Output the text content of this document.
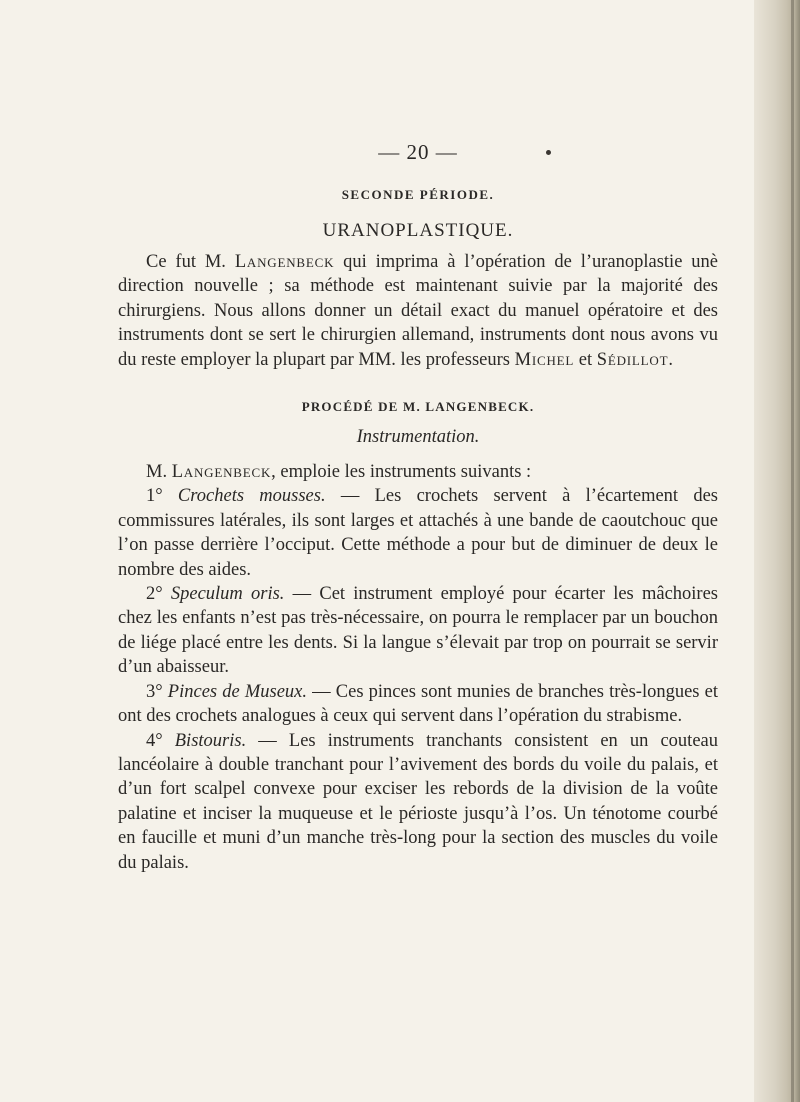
— 20 —
SECONDE PÉRIODE.
URANOPLASTIQUE.

Ce fut M. Langenbeck qui imprima à l’opération de l’uranoplastie unè direction nouvelle ; sa méthode est maintenant suivie par la majorité des chirurgiens. Nous allons donner un détail exact du manuel opératoire et des instruments dont se sert le chirurgien allemand, instruments dont nous avons vu du reste employer la plupart par MM. les professeurs Michel et Sédillot.

PROCÉDÉ DE M. LANGENBECK.
Instrumentation.

M. Langenbeck, emploie les instruments suivants :

1° Crochets mousses. — Les crochets servent à l’écartement des commissures latérales, ils sont larges et attachés à une bande de caoutchouc que l’on passe derrière l’occiput. Cette méthode a pour but de diminuer de deux le nombre des aides.

2° Speculum oris. — Cet instrument employé pour écarter les mâchoires chez les enfants n’est pas très-nécessaire, on pourra le remplacer par un bouchon de liége placé entre les dents. Si la langue s’élevait par trop on pourrait se servir d’un abaisseur.

3° Pinces de Museux. — Ces pinces sont munies de branches très-longues et ont des crochets analogues à ceux qui servent dans l’opération du strabisme.

4° Bistouris. — Les instruments tranchants consistent en un couteau lancéolaire à double tranchant pour l’avivement des bords du voile du palais, et d’un fort scalpel convexe pour exciser les rebords de la division de la voûte palatine et inciser la muqueuse et le périoste jusqu’à l’os. Un ténotome courbé en faucille et muni d’un manche très-long pour la section des muscles du voile du palais.
